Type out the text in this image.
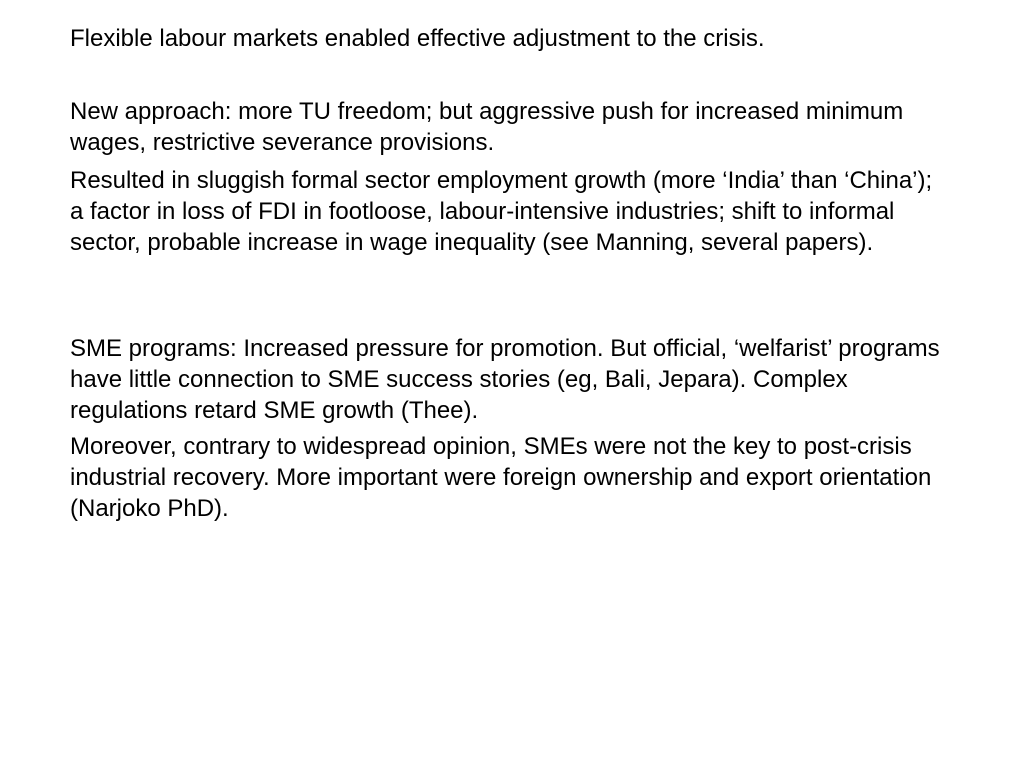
Flexible labour markets enabled effective adjustment to the crisis.

New approach: more TU freedom; but aggressive push for increased minimum wages, restrictive severance provisions.

Resulted in sluggish formal sector employment growth (more ‘India’ than ‘China’); a factor in loss of FDI in footloose, labour-intensive industries; shift to informal sector, probable increase in wage inequality (see Manning, several papers).

SME programs: Increased pressure for promotion. But official, ‘welfarist’ programs have little connection to SME success stories (eg, Bali, Jepara). Complex regulations retard SME growth (Thee).

Moreover, contrary to widespread opinion, SMEs were not the key to post-crisis industrial recovery. More important were foreign ownership and export orientation (Narjoko PhD).
